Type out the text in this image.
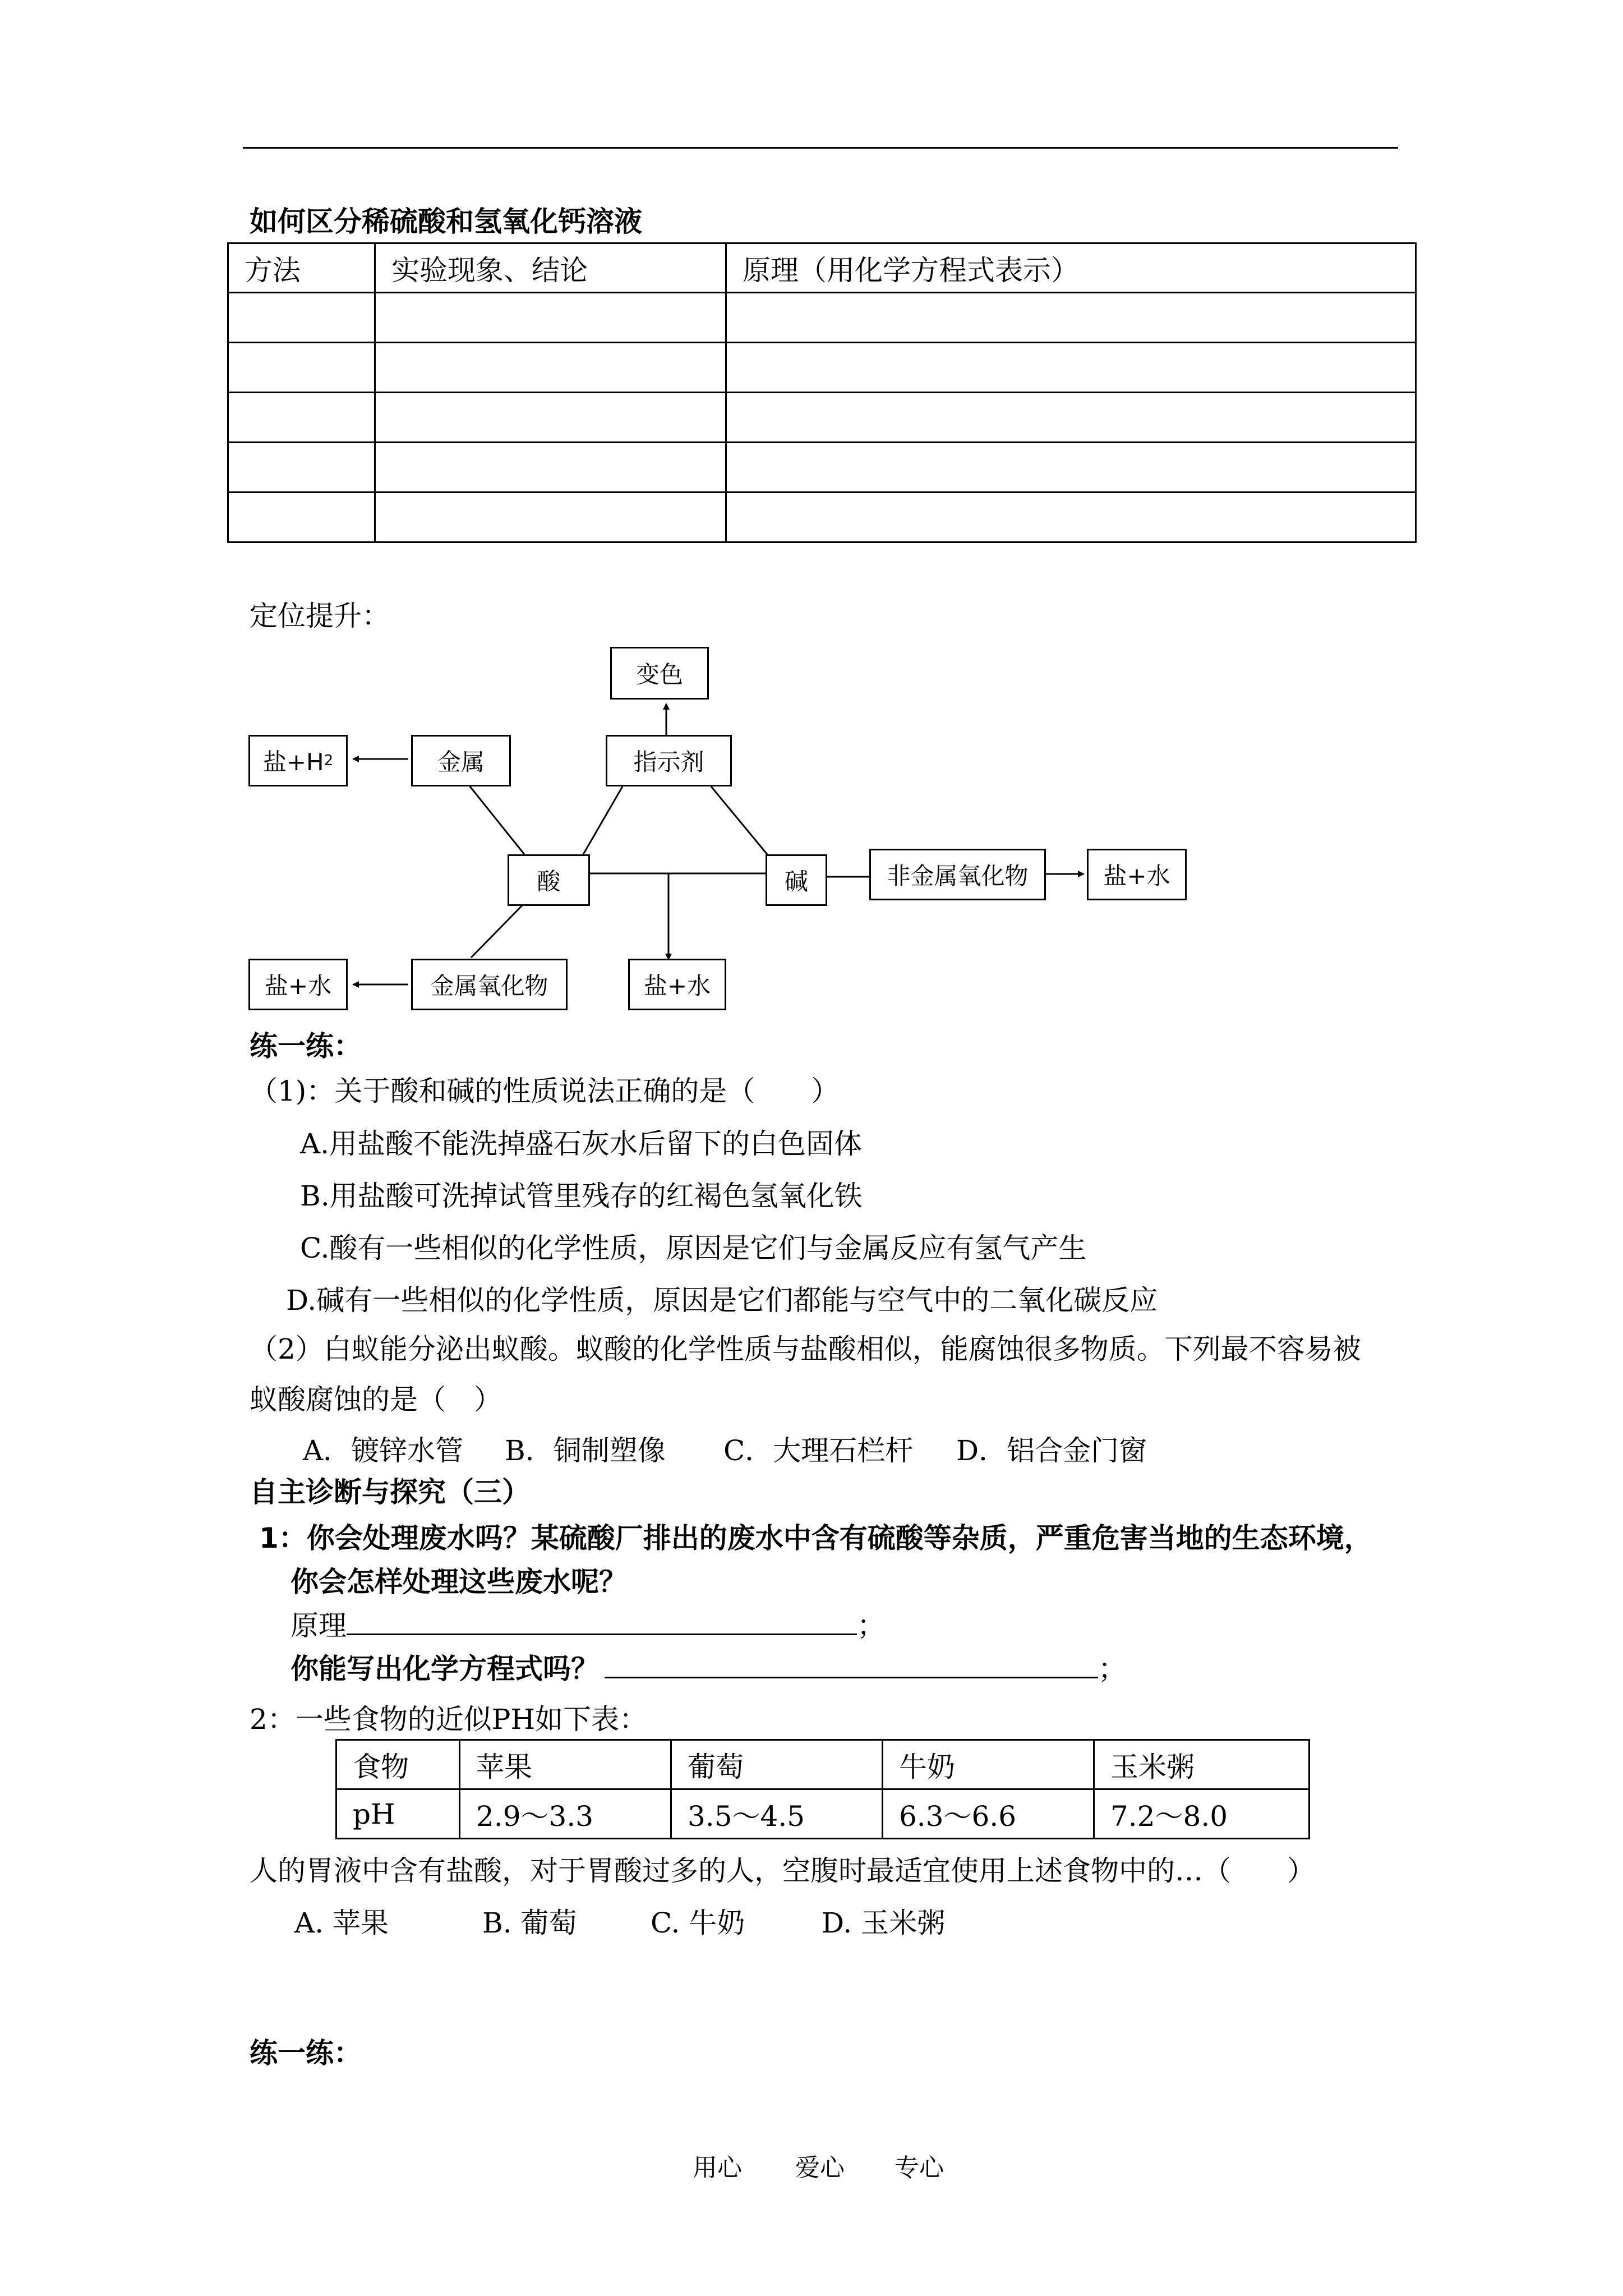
如何区分稀硫酸和氢氧化钙溶液
方法	实验现象、结论	原理（用化学方程式表示）

定位提升：
变色
盐+H 2	金属	指示剂
酸	碱	非金属氧化物	盐+水
盐+水	金属氧化物	盐+水
练一练：
（1)：关于酸和碱的性质说法正确的是（　　）
A.用盐酸不能洗掉盛石灰水后留下的白色固体
B.用盐酸可洗掉试管里残存的红褐色氢氧化铁
C.酸有一些相似的化学性质，原因是它们与金属反应有氢气产生
D.碱有一些相似的化学性质，原因是它们都能与空气中的二氧化碳反应
（2）白蚁能分泌出蚁酸。蚁酸的化学性质与盐酸相似，能腐蚀很多物质。下列最不容易被
蚁酸腐蚀的是（　）
A．镀锌水管 B．铜制塑像 C．大理石栏杆 D．铝合金门窗
自主诊断与探究（三）
1：你会处理废水吗？某硫酸厂排出的废水中含有硫酸等杂质，严重危害当地的生态环境，
你会怎样处理这些废水呢？
原理	；
你能写出化学方程式吗？	；
2：一些食物的近似PH如下表：
食物	苹果	葡萄	牛奶	玉米粥
pH	2.9～3.3	3.5～4.5	6.3～6.6	7.2～8.0
人的胃液中含有盐酸，对于胃酸过多的人，空腹时最适宜使用上述食物中的…（　　）
A. 苹果	B. 葡萄	C. 牛奶	D. 玉米粥
练一练：
用心 爱心 专心
